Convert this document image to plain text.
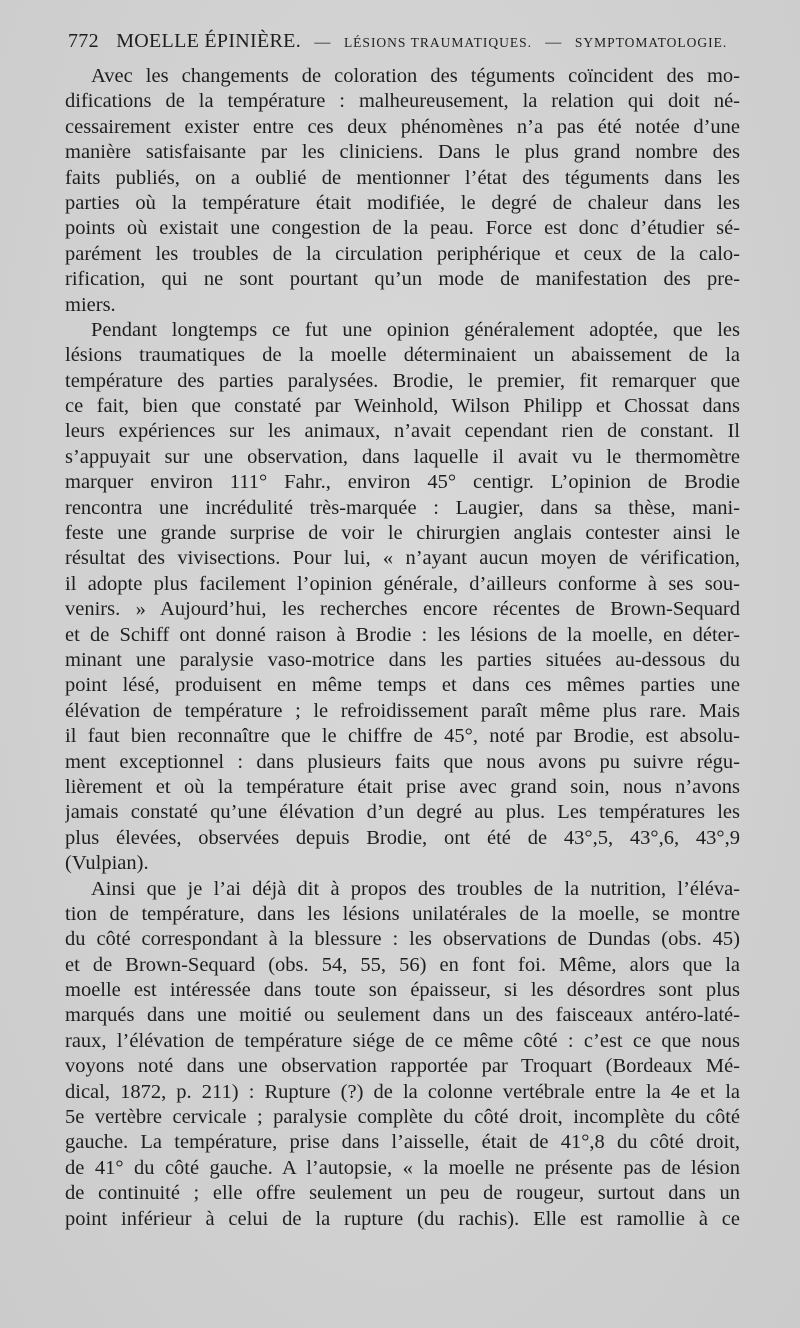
772 MOELLE ÉPINIÈRE. — LÉSIONS TRAUMATIQUES. — SYMPTOMATOLOGIE.
Avec les changements de coloration des téguments coïncident des mo-
difications de la température : malheureusement, la relation qui doit né-
cessairement exister entre ces deux phénomènes n’a pas été notée d’une
manière satisfaisante par les cliniciens. Dans le plus grand nombre des
faits publiés, on a oublié de mentionner l’état des téguments dans les
parties où la température était modifiée, le degré de chaleur dans les
points où existait une congestion de la peau. Force est donc d’étudier sé-
parément les troubles de la circulation periphérique et ceux de la calo-
rification, qui ne sont pourtant qu’un mode de manifestation des pre-
miers.
Pendant longtemps ce fut une opinion généralement adoptée, que les
lésions traumatiques de la moelle déterminaient un abaissement de la
température des parties paralysées. Brodie, le premier, fit remarquer que
ce fait, bien que constaté par Weinhold, Wilson Philipp et Chossat dans
leurs expériences sur les animaux, n’avait cependant rien de constant. Il
s’appuyait sur une observation, dans laquelle il avait vu le thermomètre
marquer environ 111° Fahr., environ 45° centigr. L’opinion de Brodie
rencontra une incrédulité très-marquée : Laugier, dans sa thèse, mani-
feste une grande surprise de voir le chirurgien anglais contester ainsi le
résultat des vivisections. Pour lui, « n’ayant aucun moyen de vérification,
il adopte plus facilement l’opinion générale, d’ailleurs conforme à ses sou-
venirs. » Aujourd’hui, les recherches encore récentes de Brown-Sequard
et de Schiff ont donné raison à Brodie : les lésions de la moelle, en déter-
minant une paralysie vaso-motrice dans les parties situées au-dessous du
point lésé, produisent en même temps et dans ces mêmes parties une
élévation de température ; le refroidissement paraît même plus rare. Mais
il faut bien reconnaître que le chiffre de 45°, noté par Brodie, est absolu-
ment exceptionnel : dans plusieurs faits que nous avons pu suivre régu-
lièrement et où la température était prise avec grand soin, nous n’avons
jamais constaté qu’une élévation d’un degré au plus. Les températures les
plus élevées, observées depuis Brodie, ont été de 43°,5, 43°,6, 43°,9
(Vulpian).
Ainsi que je l’ai déjà dit à propos des troubles de la nutrition, l’éléva-
tion de température, dans les lésions unilatérales de la moelle, se montre
du côté correspondant à la blessure : les observations de Dundas (obs. 45)
et de Brown-Sequard (obs. 54, 55, 56) en font foi. Même, alors que la
moelle est intéressée dans toute son épaisseur, si les désordres sont plus
marqués dans une moitié ou seulement dans un des faisceaux antéro-laté-
raux, l’élévation de température siége de ce même côté : c’est ce que nous
voyons noté dans une observation rapportée par Troquart (Bordeaux Mé-
dical, 1872, p. 211) : Rupture (?) de la colonne vertébrale entre la 4e et la
5e vertèbre cervicale ; paralysie complète du côté droit, incomplète du côté
gauche. La température, prise dans l’aisselle, était de 41°,8 du côté droit,
de 41° du côté gauche. A l’autopsie, « la moelle ne présente pas de lésion
de continuité ; elle offre seulement un peu de rougeur, surtout dans un
point inférieur à celui de la rupture (du rachis). Elle est ramollie à ce
